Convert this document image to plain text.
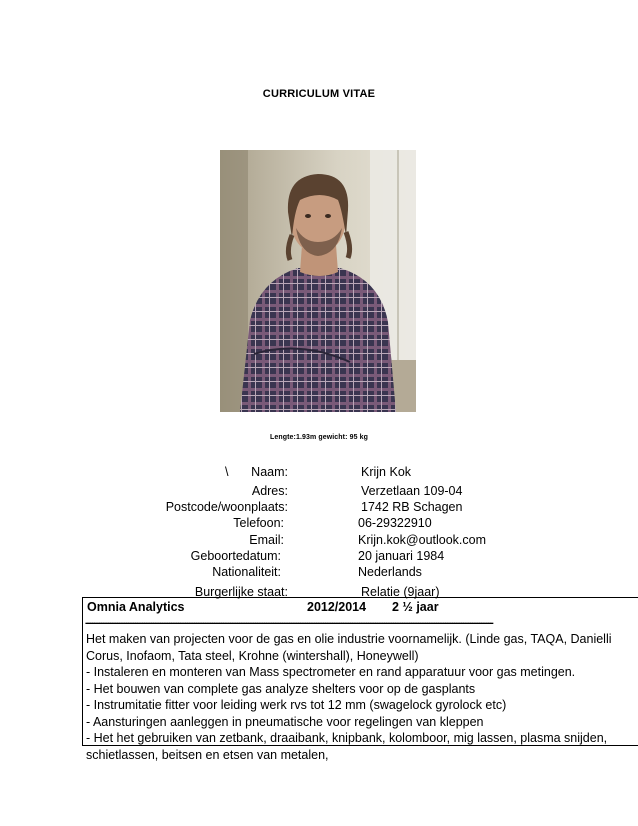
CURRICULUM VITAE
Lengte:1.93m gewicht: 95 kg
\	Naam:	Krijn Kok
Adres:	Verzetlaan 109-04
Postcode/woonplaats:	1742 RB Schagen
Telefoon:	06-29322910
Email:	Krijn.kok@outlook.com
Geboortedatum:	20 januari 1984
Nationaliteit:	Nederlands
Burgerlijke staat:	Relatie (9jaar)
Omnia Analytics	2012/2014 2 ½ jaar
------------------------------------------------------------------------------------------------------------------------------------------------------------------------------------
Het maken van projecten voor de gas en olie industrie voornamelijk. (Linde gas, TAQA, Danielli
Corus, Inofaom, Tata steel, Krohne (wintershall), Honeywell)
- Instaleren en monteren van Mass spectrometer en rand apparatuur voor gas metingen.
- Het bouwen van complete gas analyze shelters voor op de gasplants
- Instrumitatie fitter voor leiding werk rvs tot 12 mm (swagelock gyrolock etc)
- Aansturingen aanleggen in pneumatische voor regelingen van kleppen
- Het het gebruiken van zetbank, draaibank, knipbank, kolomboor, mig lassen, plasma snijden,
schietlassen, beitsen en etsen van metalen,
